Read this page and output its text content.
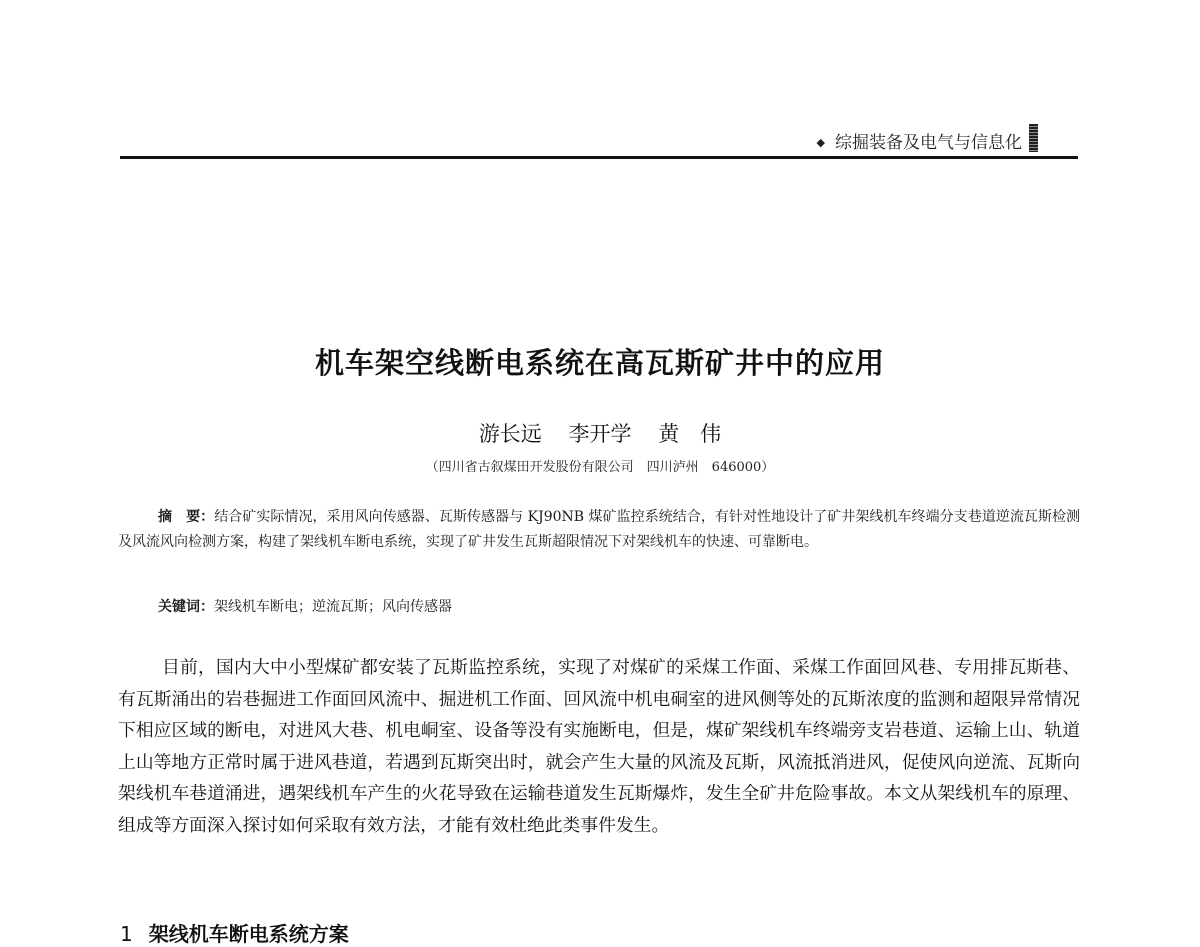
◆ 综掘装备及电气与信息化
机车架空线断电系统在高瓦斯矿井中的应用
游长远 李开学 黄　伟
（四川省古叙煤田开发股份有限公司　四川泸州　646000）

摘　要：结合矿实际情况，采用风向传感器、瓦斯传感器与 KJ90NB 煤矿监控系统结合，有针对性地设计了矿井架线机车终端分支巷道逆流瓦斯检测及风流风向检测方案，构建了架线机车断电系统，实现了矿井发生瓦斯超限情况下对架线机车的快速、可靠断电。

关键词：架线机车断电；逆流瓦斯；风向传感器

目前，国内大中小型煤矿都安装了瓦斯监控系统，实现了对煤矿的采煤工作面、采煤工作面回风巷、专用排瓦斯巷、有瓦斯涌出的岩巷掘进工作面回风流中、掘进机工作面、回风流中机电硐室的进风侧等处的瓦斯浓度的监测和超限异常情况下相应区域的断电，对进风大巷、机电峒室、设备等没有实施断电，但是，煤矿架线机车终端旁支岩巷道、运输上山、轨道上山等地方正常时属于进风巷道，若遇到瓦斯突出时，就会产生大量的风流及瓦斯，风流抵消进风，促使风向逆流、瓦斯向架线机车巷道涌进，遇架线机车产生的火花导致在运输巷道发生瓦斯爆炸，发生全矿井危险事故。本文从架线机车的原理、组成等方面深入探讨如何采取有效方法，才能有效杜绝此类事件发生。

1 架线机车断电系统方案
